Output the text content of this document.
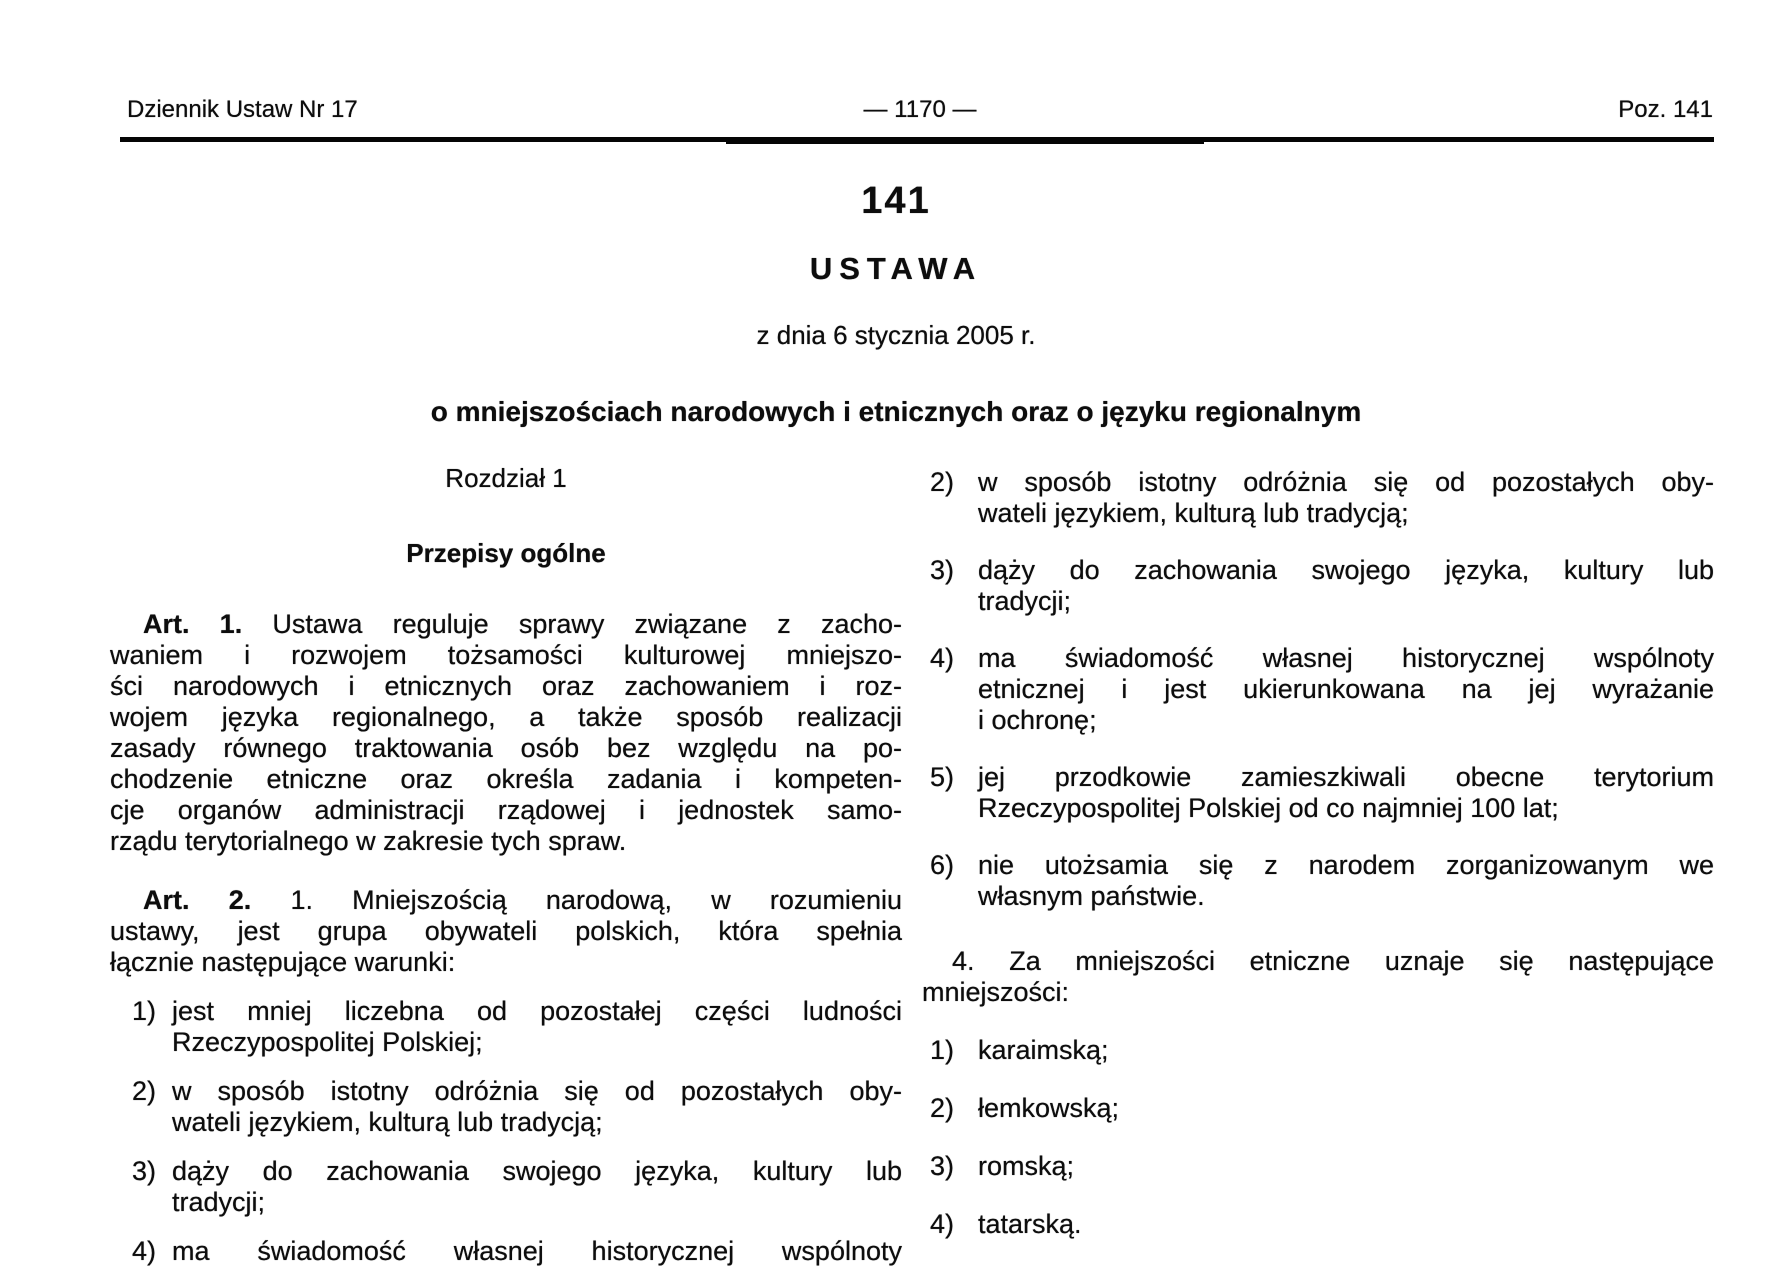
Dziennik Ustaw Nr 17	— 1170 —	Poz. 141
141
USTAWA
z dnia 6 stycznia 2005 r.
o mniejszościach narodowych i etnicznych oraz o języku regionalnym
Rozdział 1
Przepisy ogólne
Art. 1. Ustawa reguluje sprawy związane z zacho-
waniem i rozwojem tożsamości kulturowej mniejszo-
ści narodowych i etnicznych oraz zachowaniem i roz-
wojem języka regionalnego, a także sposób realizacji
zasady równego traktowania osób bez względu na po-
chodzenie etniczne oraz określa zadania i kompeten-
cje organów administracji rządowej i jednostek samo-
rządu terytorialnego w zakresie tych spraw.
Art. 2. 1. Mniejszością narodową, w rozumieniu
ustawy, jest grupa obywateli polskich, która spełnia
łącznie następujące warunki:
1) jest mniej liczebna od pozostałej części ludności
Rzeczypospolitej Polskiej;
2) w sposób istotny odróżnia się od pozostałych oby-
wateli językiem, kulturą lub tradycją;
3) dąży do zachowania swojego języka, kultury lub
tradycji;
4) ma świadomość własnej historycznej wspólnoty
2) w sposób istotny odróżnia się od pozostałych oby-
wateli językiem, kulturą lub tradycją;
3) dąży do zachowania swojego języka, kultury lub
tradycji;
4) ma świadomość własnej historycznej wspólnoty
etnicznej i jest ukierunkowana na jej wyrażanie
i ochronę;
5) jej przodkowie zamieszkiwali obecne terytorium
Rzeczypospolitej Polskiej od co najmniej 100 lat;
6) nie utożsamia się z narodem zorganizowanym we
własnym państwie.
4. Za mniejszości etniczne uznaje się następujące
mniejszości:
1) karaimską;
2) łemkowską;
3) romską;
4) tatarską.
